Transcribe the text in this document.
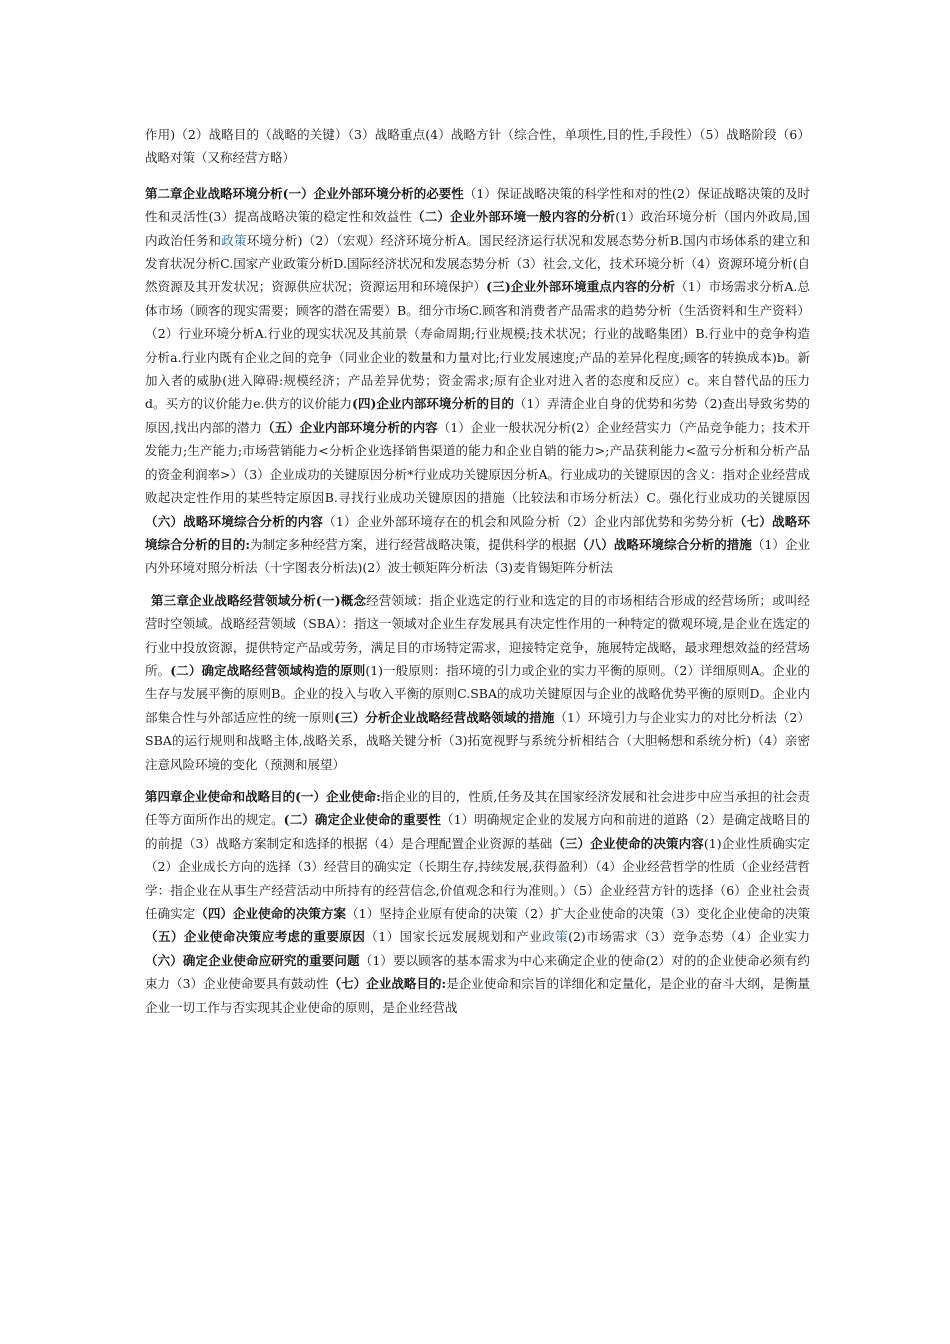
作用)（2）战略目的（战略的关键）（3）战略重点(4）战略方针（综合性，单项性,目的性,手段性）（5）战略阶段（6）战略对策（又称经营方略）

第二章企业战略环境分析(一）企业外部环境分析的必要性（1）保证战略决策的科学性和对的性(2）保证战略决策的及时性和灵活性(3）提高战略决策的稳定性和效益性（二）企业外部环境一般内容的分析(1）政治环境分析（国内外政局,国内政治任务和政策环境分析)（2）（宏观）经济环境分析A。国民经济运行状况和发展态势分析B.国内市场体系的建立和发育状况分析C.国家产业政策分析D.国际经济状况和发展态势分析（3）社会,文化，技术环境分析（4）资源环境分析(自然资源及其开发状况；资源供应状况；资源运用和环境保护）(三)企业外部环境重点内容的分析（1）市场需求分析A.总体市场（顾客的现实需要；顾客的潜在需要）B。细分市场C.顾客和消费者产品需求的趋势分析（生活资料和生产资料）（2）行业环境分析A.行业的现实状况及其前景（寿命周期;行业规模;技术状况；行业的战略集团）B.行业中的竞争构造分析a.行业内既有企业之间的竞争（同业企业的数量和力量对比;行业发展速度;产品的差异化程度;顾客的转换成本)b。新加入者的威胁(进入障碍:规模经济；产品差异优势；资金需求;原有企业对进入者的态度和反应）c。来自替代品的压力d。买方的议价能力e.供方的议价能力(四)企业内部环境分析的目的（1）弄清企业自身的优势和劣势（2)查出导致劣势的原因,找出内部的潜力（五）企业内部环境分析的内容（1）企业一般状况分析(2）企业经营实力（产品竞争能力；技术开发能力;生产能力;市场营销能力<分析企业选择销售渠道的能力和企业自销的能力>;产品获利能力<盈亏分析和分析产品的资金利润率>）（3）企业成功的关键原因分析*行业成功关键原因分析A。行业成功的关键原因的含义：指对企业经营成败起决定性作用的某些特定原因B.寻找行业成功关键原因的措施（比较法和市场分析法）C。强化行业成功的关键原因（六）战略环境综合分析的内容（1）企业外部环境存在的机会和风险分析（2）企业内部优势和劣势分析（七）战略环境综合分析的目的:为制定多种经营方案，进行经营战略决策，提供科学的根据（八）战略环境综合分析的措施（1）企业内外环境对照分析法（十字图表分析法)(2）波士顿矩阵分析法（3)麦肯锡矩阵分析法

第三章企业战略经营领域分析(一)概念经营领域：指企业选定的行业和选定的目的市场相结合形成的经营场所；或叫经营时空领域。战略经营领域（SBA）：指这一领域对企业生存发展具有决定性作用的一种特定的微观环境,是企业在选定的行业中投放资源，提供特定产品或劳务，满足目的市场特定需求，迎接特定竞争，施展特定战略，最求理想效益的经营场所。(二）确定战略经营领域构造的原则(1)一般原则：指环境的引力或企业的实力平衡的原则。（2）详细原则A。企业的生存与发展平衡的原则B。企业的投入与收入平衡的原则C.SBA的成功关键原因与企业的战略优势平衡的原则D。企业内部集合性与外部适应性的统一原则(三）分析企业战略经营战略领域的措施（1）环境引力与企业实力的对比分析法（2）SBA的运行规则和战略主体,战略关系，战略关键分析（3)拓宽视野与系统分析相结合（大胆畅想和系统分析)（4）亲密注意风险环境的变化（预测和展望）

第四章企业使命和战略目的(一）企业使命:指企业的目的，性质,任务及其在国家经济发展和社会进步中应当承担的社会责任等方面所作出的规定。(二）确定企业使命的重要性（1）明确规定企业的发展方向和前进的道路（2）是确定战略目的的前提（3）战略方案制定和选择的根据（4）是合理配置企业资源的基础（三）企业使命的决策内容(1)企业性质确实定（2）企业成长方向的选择（3）经营目的确实定（长期生存,持续发展,获得盈利）（4）企业经营哲学的性质（企业经营哲学：指企业在从事生产经营活动中所持有的经营信念,价值观念和行为准则。）（5）企业经营方针的选择（6）企业社会责任确实定（四）企业使命的决策方案（1）坚持企业原有使命的决策（2）扩大企业使命的决策（3）变化企业使命的决策（五）企业使命决策应考虑的重要原因（1）国家长远发展规划和产业政策(2)市场需求（3）竞争态势（4）企业实力（六）确定企业使命应研究的重要问题（1）要以顾客的基本需求为中心来确定企业的使命(2）对的的企业使命必须有约束力（3）企业使命要具有鼓动性（七）企业战略目的:是企业使命和宗旨的详细化和定量化，是企业的奋斗大纲，是衡量企业一切工作与否实现其企业使命的原则，是企业经营战
